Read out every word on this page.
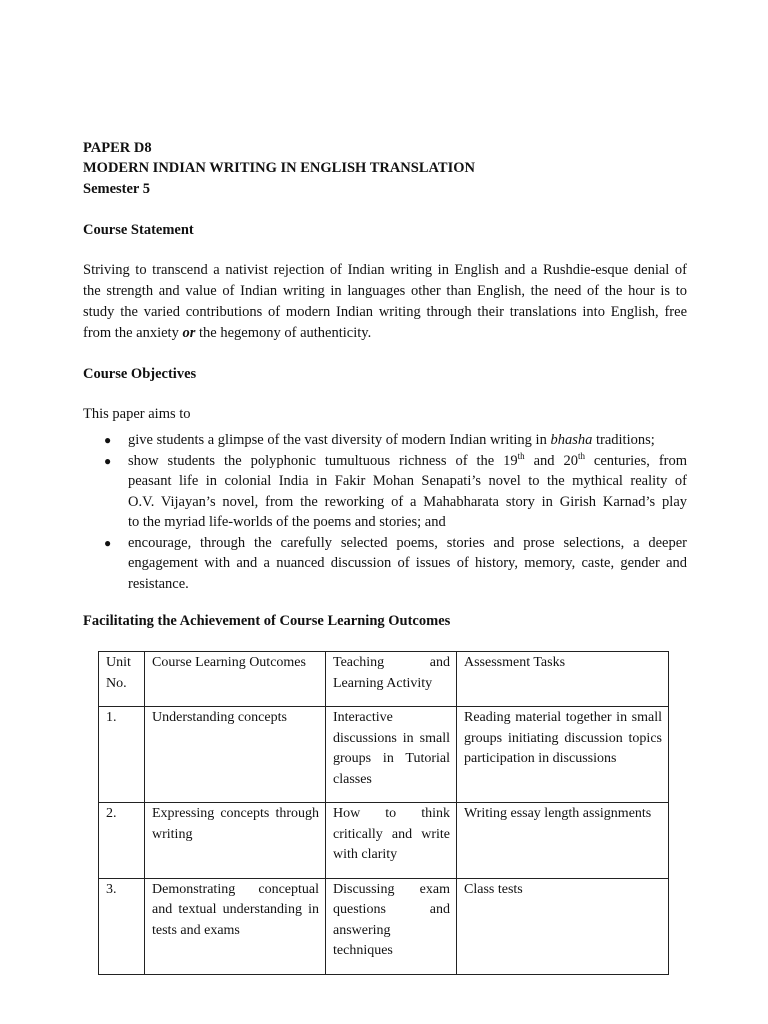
PAPER D8
MODERN INDIAN WRITING IN ENGLISH TRANSLATION
Semester 5
Course Statement
Striving to transcend a nativist rejection of Indian writing in English and a Rushdie-esque denial of
the strength and value of Indian writing in languages other than English, the need of the hour is to
study the varied contributions of modern Indian writing through their translations into English, free
from the anxiety or the hegemony of authenticity.
Course Objectives
This paper aims to
● give students a glimpse of the vast diversity of modern Indian writing in bhasha traditions;
● show students the polyphonic tumultuous richness of the 19th and 20th centuries, from
peasant life in colonial India in Fakir Mohan Senapati’s novel to the mythical reality of
O.V. Vijayan’s novel, from the reworking of a Mahabharata story in Girish Karnad’s play
to the myriad life-worlds of the poems and stories; and
● encourage, through the carefully selected poems, stories and prose selections, a deeper
engagement with and a nuanced discussion of issues of history, memory, caste, gender and
resistance.
Facilitating the Achievement of Course Learning Outcomes
Unit No.	Course Learning Outcomes	Teaching and Learning Activity	Assessment Tasks
1.	Understanding concepts	Interactive discussions in small groups in Tutorial classes	Reading material together in small groups initiating discussion topics participation in discussions
2.	Expressing concepts through writing	How to think critically and write with clarity	Writing essay length assignments
3.	Demonstrating conceptual and textual understanding in tests and exams	Discussing exam questions and answering techniques	Class tests
